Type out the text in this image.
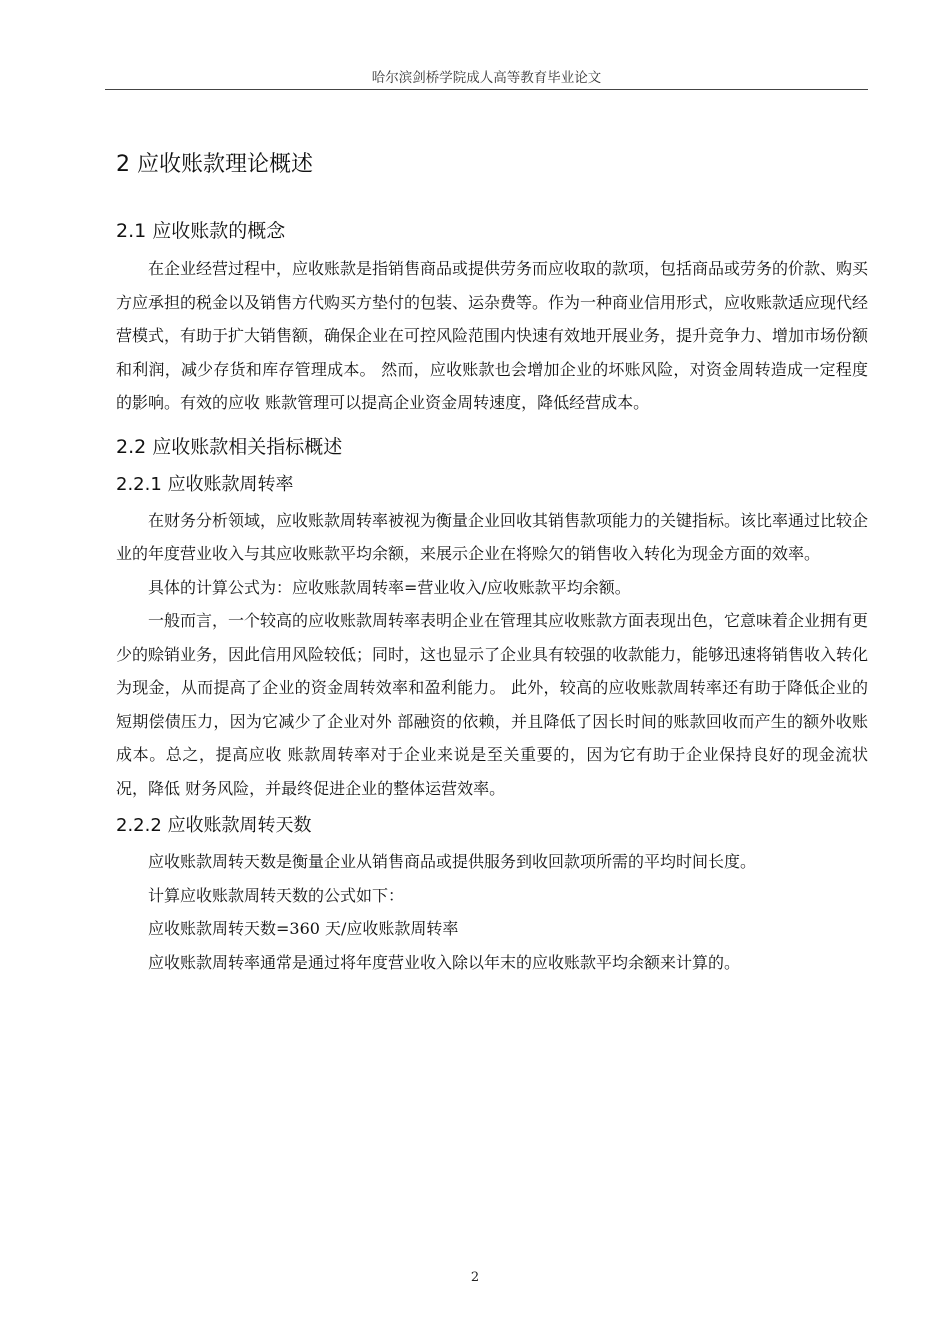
哈尔滨剑桥学院成人高等教育毕业论文
2 应收账款理论概述
2.1 应收账款的概念

在企业经营过程中，应收账款是指销售商品或提供劳务而应收取的款项，包括商品或劳务的价款、购买方应承担的税金以及销售方代购买方垫付的包装、运杂费等。作为一种商业信用形式，应收账款适应现代经营模式，有助于扩大销售额，确保企业在可控风险范围内快速有效地开展业务，提升竞争力、增加市场份额和利润，减少存货和库存管理成本。 然而，应收账款也会增加企业的坏账风险，对资金周转造成一定程度的影响。有效的应收 账款管理可以提高企业资金周转速度，降低经营成本。

2.2 应收账款相关指标概述
2.2.1 应收账款周转率

在财务分析领域，应收账款周转率被视为衡量企业回收其销售款项能力的关键指标。该比率通过比较企业的年度营业收入与其应收账款平均余额，来展示企业在将赊欠的销售收入转化为现金方面的效率。

具体的计算公式为：应收账款周转率=营业收入/应收账款平均余额。

一般而言，一个较高的应收账款周转率表明企业在管理其应收账款方面表现出色，它意味着企业拥有更少的赊销业务，因此信用风险较低；同时，这也显示了企业具有较强的收款能力，能够迅速将销售收入转化为现金，从而提高了企业的资金周转效率和盈利能力。 此外，较高的应收账款周转率还有助于降低企业的短期偿债压力，因为它减少了企业对外 部融资的依赖，并且降低了因长时间的账款回收而产生的额外收账成本。总之，提高应收 账款周转率对于企业来说是至关重要的，因为它有助于企业保持良好的现金流状况，降低 财务风险，并最终促进企业的整体运营效率。

2.2.2 应收账款周转天数

应收账款周转天数是衡量企业从销售商品或提供服务到收回款项所需的平均时间长度。

计算应收账款周转天数的公式如下：

应收账款周转天数=360 天/应收账款周转率

应收账款周转率通常是通过将年度营业收入除以年末的应收账款平均余额来计算的。

2
